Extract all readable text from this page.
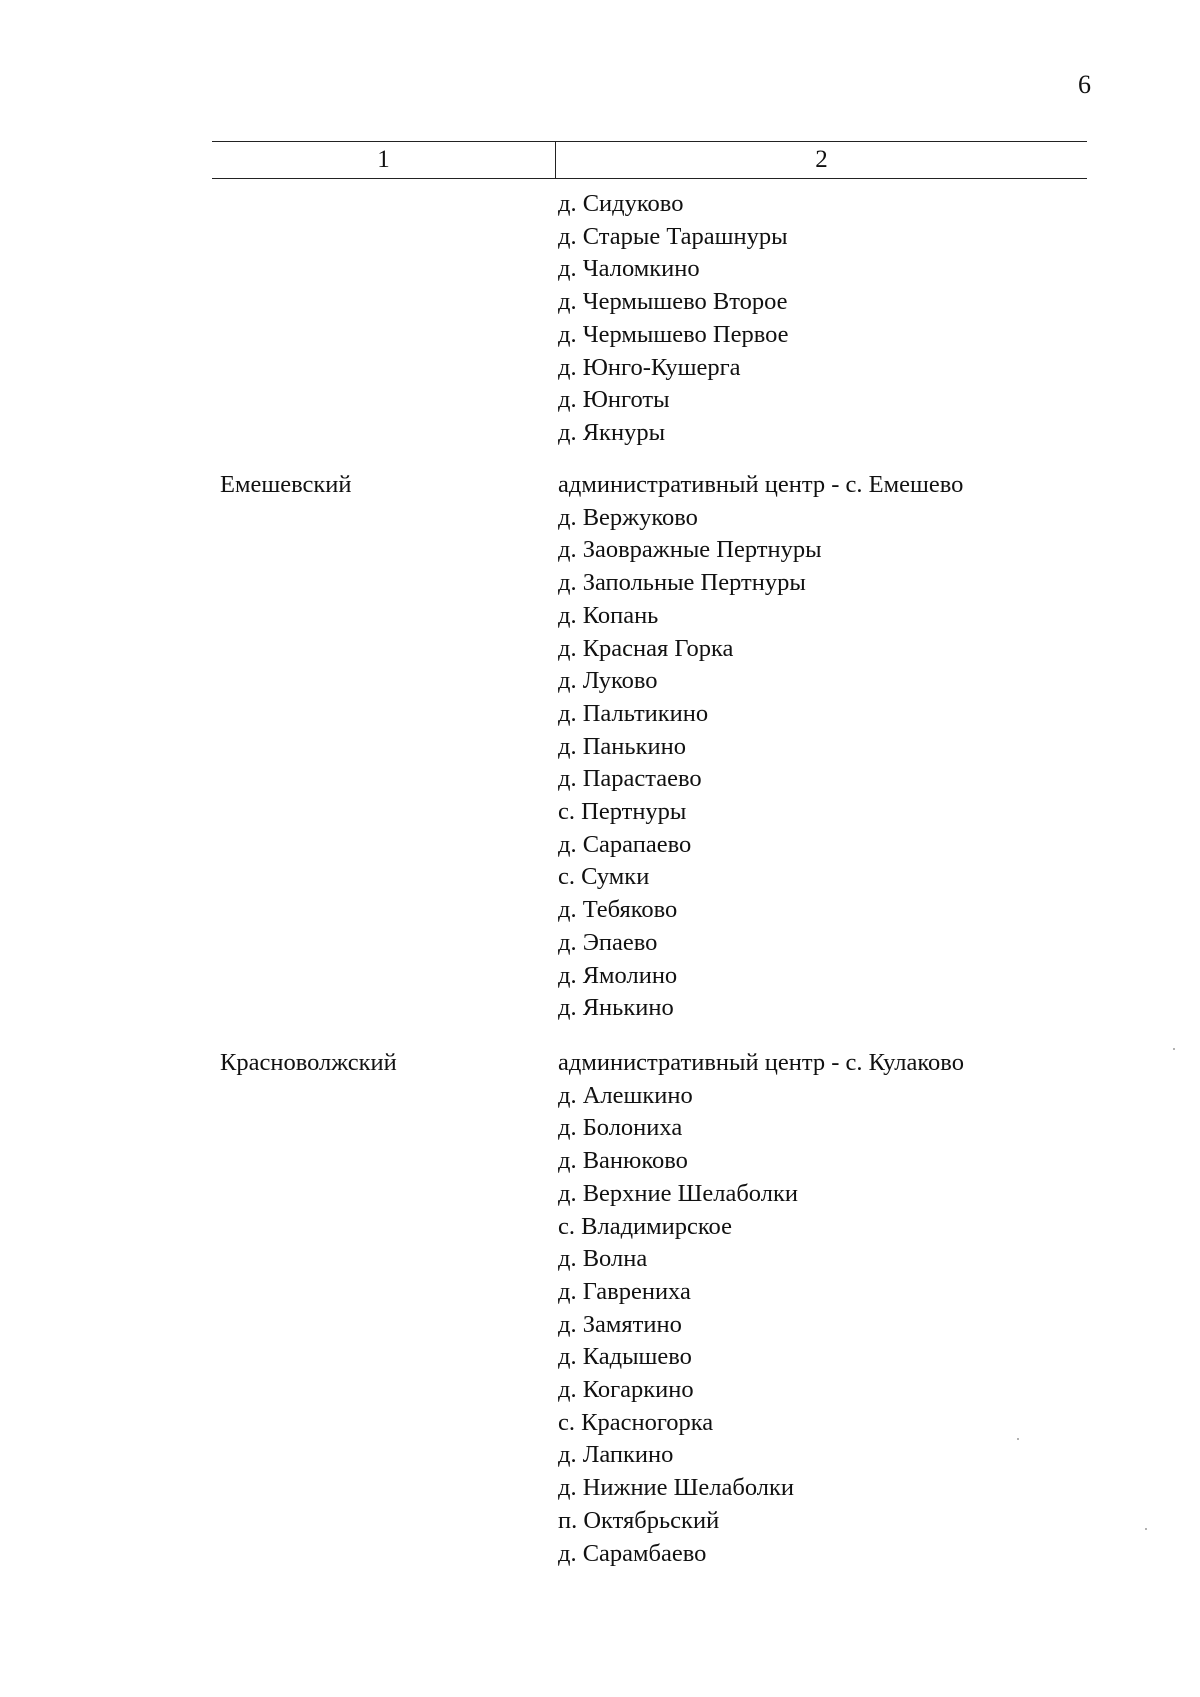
6
1	2
д. Сидуково
д. Старые Тарашнуры
д. Чаломкино
д. Чермышево Второе
д. Чермышево Первое
д. Юнго-Кушерга
д. Юнготы
д. Якнуры
Емешевский	административный центр - с. Емешево
д. Вержуково
д. Заовражные Пертнуры
д. Запольные Пертнуры
д. Копань
д. Красная Горка
д. Луково
д. Пальтикино
д. Панькино
д. Парастаево
с. Пертнуры
д. Сарапаево
с. Сумки
д. Тебяково
д. Эпаево
д. Ямолино
д. Янькино
Красноволжский	административный центр - с. Кулаково
д. Алешкино
д. Болониха
д. Ванюково
д. Верхние Шелаболки
с. Владимирское
д. Волна
д. Гаврениха
д. Замятино
д. Кадышево
д. Когаркино
с. Красногорка
д. Лапкино
д. Нижние Шелаболки
п. Октябрьский
д. Сарамбаево
